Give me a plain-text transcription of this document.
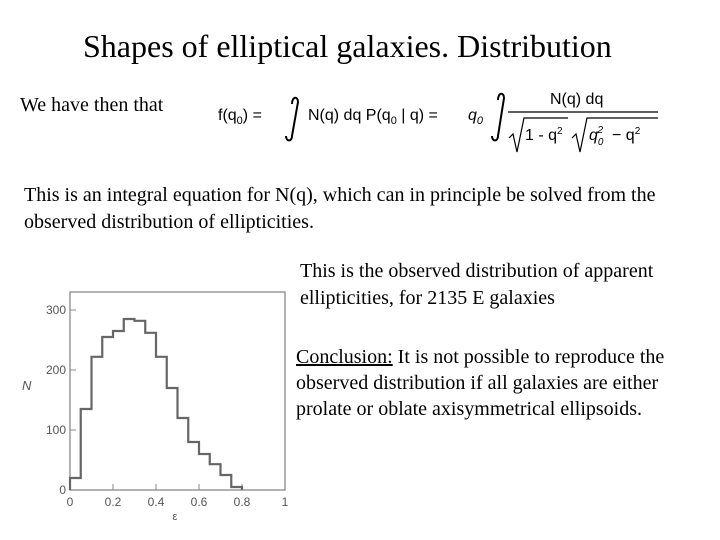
Shapes of elliptical galaxies. Distribution
We have then that	$f(q_0)$ =	N(q) dq $P(q_0$ | $q) = q_0$
N(q) dq
$1 - q^2$ $q_02 - q^2$
This is an integral equation for N(q), which can in principle be solved from the observed distribution of ellipticities.
This is the observed distribution of apparent ellipticities, for 2135 E galaxies
Conclusion: It is not possible to reproduce the observed distribution if all galaxies are either prolate or oblate axisymmetrical ellipsoids.
0	0.2 0.4 0.6 0.8	1
0
100
200
300
N
ε
